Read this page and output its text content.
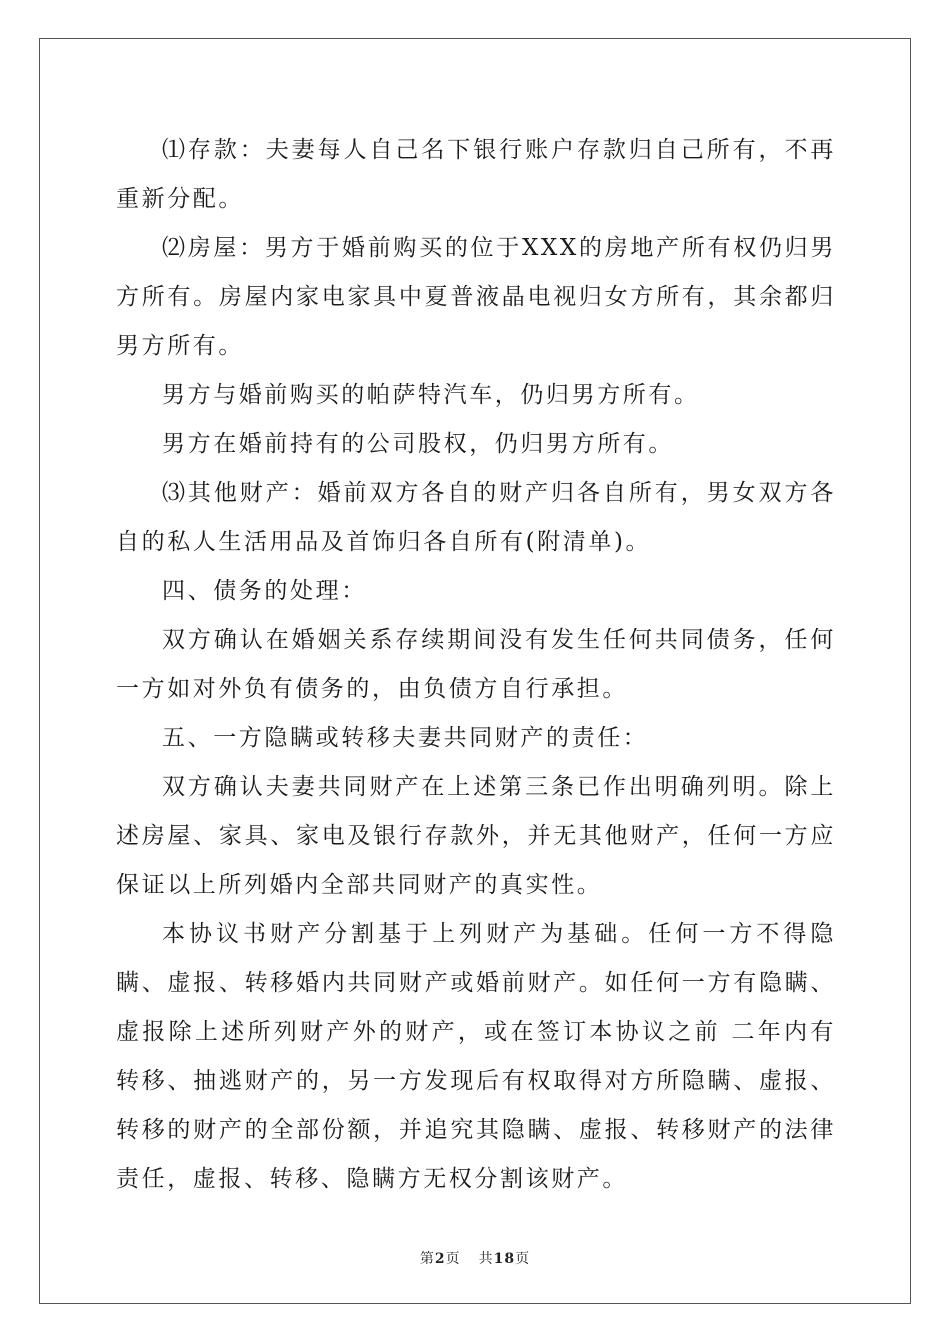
⑴存款：夫妻每人自己名下银行账户存款归自己所有，不再重新分配。

⑵房屋：男方于婚前购买的位于XXX的房地产所有权仍归男方所有。房屋内家电家具中夏普液晶电视归女方所有，其余都归男方所有。

男方与婚前购买的帕萨特汽车，仍归男方所有。

男方在婚前持有的公司股权，仍归男方所有。

⑶其他财产：婚前双方各自的财产归各自所有，男女双方各自的私人生活用品及首饰归各自所有(附清单)。

四、债务的处理：

双方确认在婚姻关系存续期间没有发生任何共同债务，任何一方如对外负有债务的，由负债方自行承担。

五、一方隐瞒或转移夫妻共同财产的责任：

双方确认夫妻共同财产在上述第三条已作出明确列明。除上述房屋、家具、家电及银行存款外，并无其他财产，任何一方应保证以上所列婚内全部共同财产的真实性。

本协议书财产分割基于上列财产为基础。任何一方不得隐瞒、虚报、转移婚内共同财产或婚前财产。如任何一方有隐瞒、虚报除上述所列财产外的财产，或在签订本协议之前 二年内有转移、抽逃财产的，另一方发现后有权取得对方所隐瞒、虚报、转移的财产的全部份额，并追究其隐瞒、虚报、转移财产的法律责任，虚报、转移、隐瞒方无权分割该财产。

第2页 共18页
